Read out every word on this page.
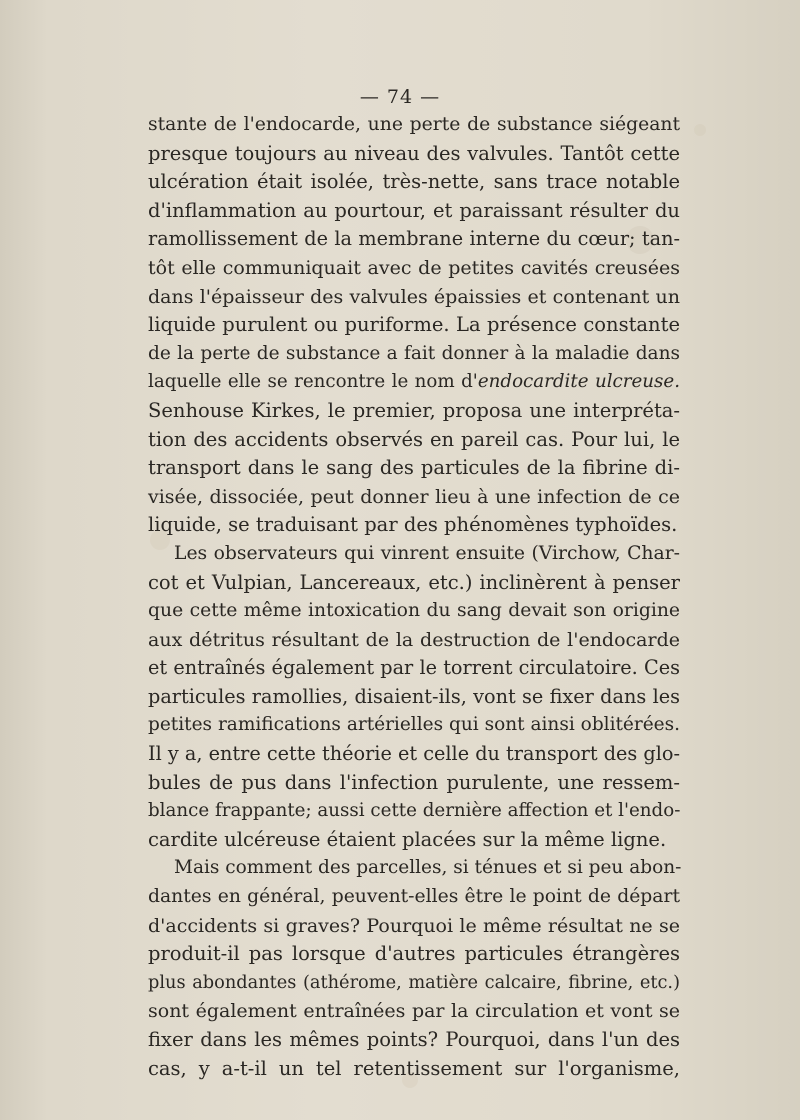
— 74 —
stante de l'endocarde, une perte de substance siégeant
presque toujours au niveau des valvules. Tantôt cette
ulcération était isolée, très-nette, sans trace notable
d'inflammation au pourtour, et paraissant résulter du
ramollissement de la membrane interne du cœur; tan-
tôt elle communiquait avec de petites cavités creusées
dans l'épaisseur des valvules épaissies et contenant un
liquide purulent ou puriforme. La présence constante
de la perte de substance a fait donner à la maladie dans
laquelle elle se rencontre le nom d'endocardite ulcreuse.
Senhouse Kirkes, le premier, proposa une interpréta-
tion des accidents observés en pareil cas. Pour lui, le
transport dans le sang des particules de la fibrine di-
visée, dissociée, peut donner lieu à une infection de ce
liquide, se traduisant par des phénomènes typhoïdes.
Les observateurs qui vinrent ensuite (Virchow, Char-
cot et Vulpian, Lancereaux, etc.) inclinèrent à penser
que cette même intoxication du sang devait son origine
aux détritus résultant de la destruction de l'endocarde
et entraînés également par le torrent circulatoire. Ces
particules ramollies, disaient-ils, vont se fixer dans les
petites ramifications artérielles qui sont ainsi oblitérées.
Il y a, entre cette théorie et celle du transport des glo-
bules de pus dans l'infection purulente, une ressem-
blance frappante; aussi cette dernière affection et l'endo-
cardite ulcéreuse étaient placées sur la même ligne.
Mais comment des parcelles, si ténues et si peu abon-
dantes en général, peuvent-elles être le point de départ
d'accidents si graves? Pourquoi le même résultat ne se
produit-il pas lorsque d'autres particules étrangères
plus abondantes (athérome, matière calcaire, fibrine, etc.)
sont également entraînées par la circulation et vont se
fixer dans les mêmes points? Pourquoi, dans l'un des
cas, y a-t-il un tel retentissement sur l'organisme,
